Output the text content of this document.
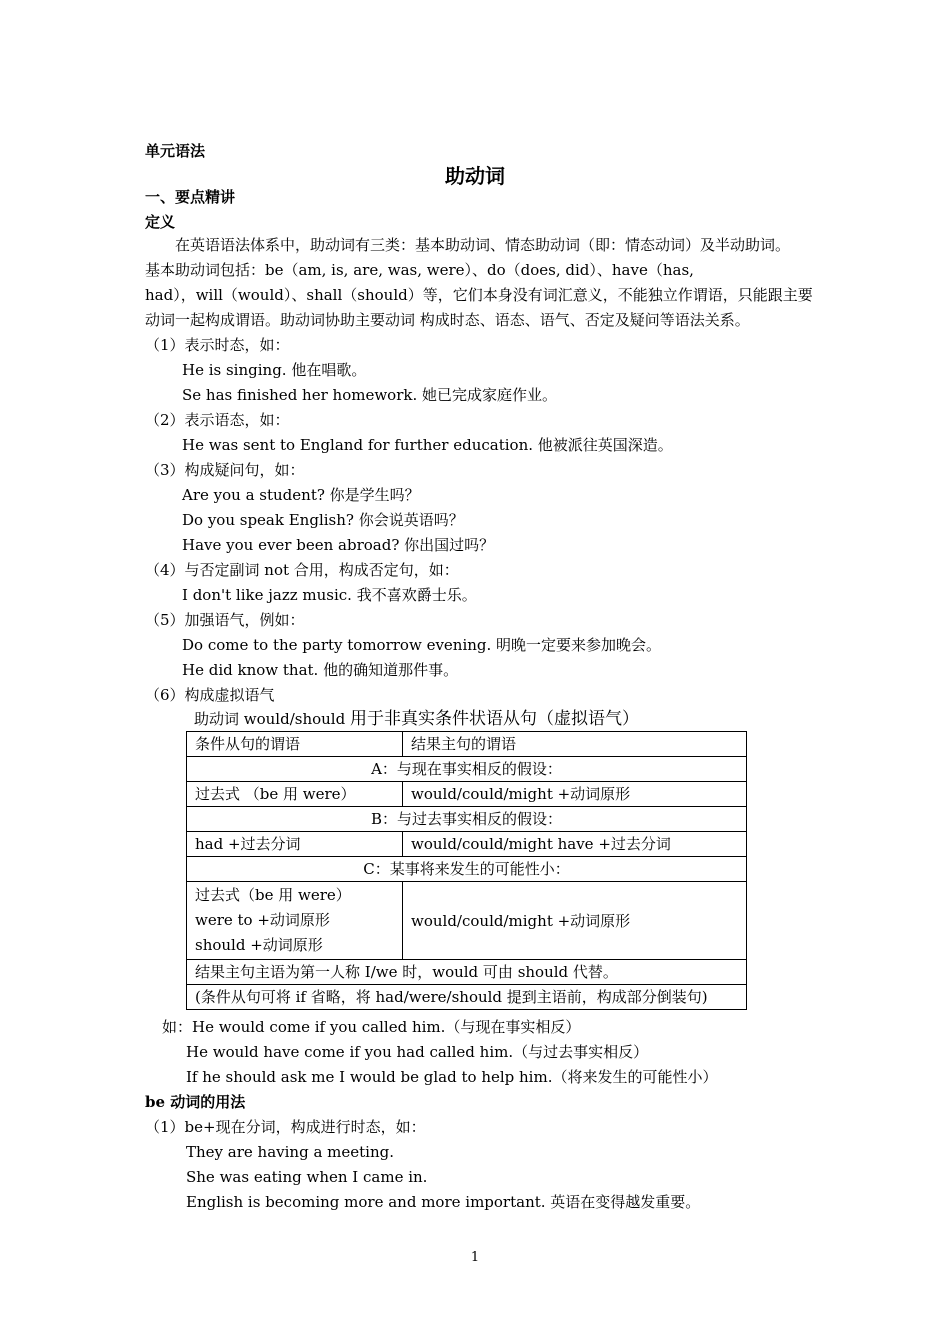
单元语法
助动词
一、要点精讲
定义
　　在英语语法体系中，助动词有三类：基本助动词、情态助动词（即：情态动词）及半动助词。
基本助动词包括：be（am, is, are, was, were）、do（does, did）、have（has,
had），will（would）、shall（should）等，它们本身没有词汇意义，不能独立作谓语，只能跟主要
动词一起构成谓语。助动词协助主要动词 构成时态、语态、语气、否定及疑问等语法关系。
（1）表示时态，如：
He is singing. 他在唱歌。
Se has finished her homework. 她已完成家庭作业。
（2）表示语态，如：
He was sent to England for further education. 他被派往英国深造。
（3）构成疑问句，如：
Are you a student? 你是学生吗？
Do you speak English? 你会说英语吗？
Have you ever been abroad? 你出国过吗？
（4）与否定副词 not 合用，构成否定句，如：
I don't like jazz music. 我不喜欢爵士乐。
（5）加强语气，例如：
Do come to the party tomorrow evening. 明晚一定要来参加晚会。
He did know that. 他的确知道那件事。
（6）构成虚拟语气
助动词 would/should 用于非真实条件状语从句（虚拟语气）
条件从句的谓语	结果主句的谓语
A：与现在事实相反的假设：	
过去式 （be 用 were）	would/could/might +动词原形
B：与过去事实相反的假设：	
had +过去分词	would/could/might have +过去分词
C：某事将来发生的可能性小：	

过去式（be 用 were）
were to +动词原形
should +动词原形	would/could/might +动词原形
结果主句主语为第一人称 I/we 时，would 可由 should 代替。	
(条件从句可将 if 省略，将 had/were/should 提到主语前，构成部分倒装句)	
如：He would come if you called him.（与现在事实相反）
He would have come if you had called him.（与过去事实相反）
If he should ask me I would be glad to help him.（将来发生的可能性小）
be 动词的用法
（1）be+现在分词，构成进行时态，如：
They are having a meeting.
She was eating when I came in.
English is becoming more and more important. 英语在变得越发重要。
1
